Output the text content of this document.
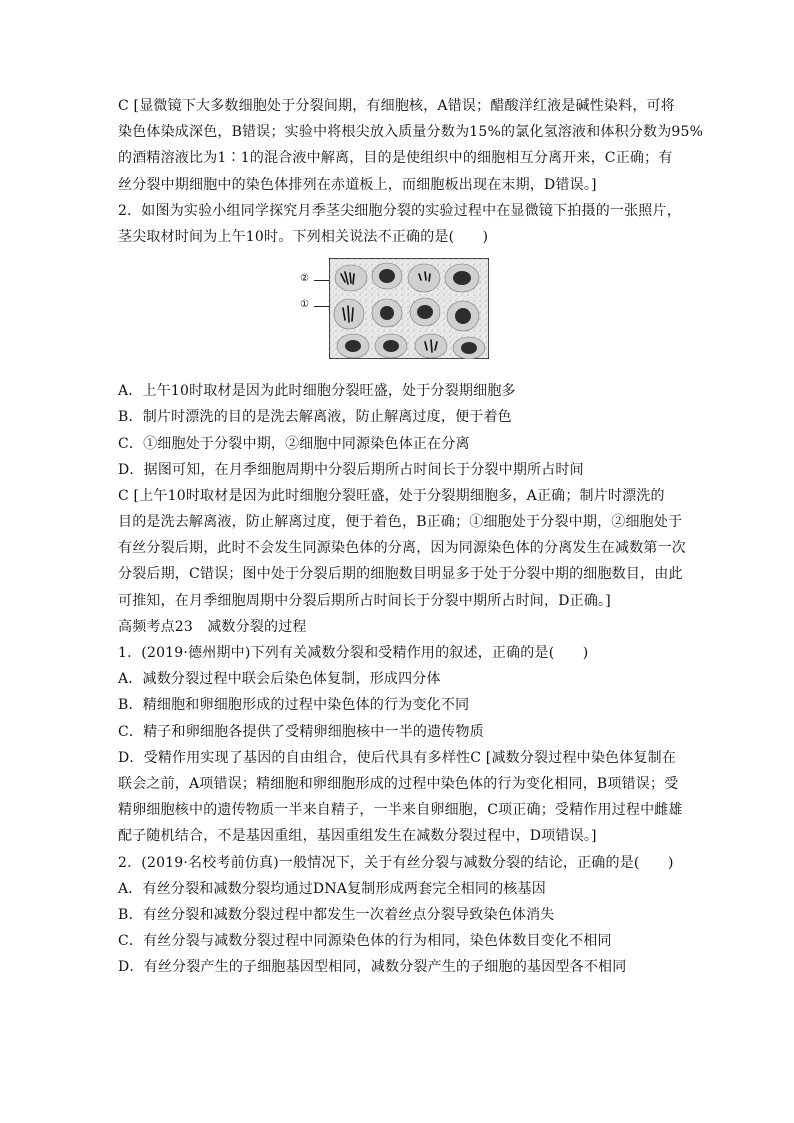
C [显微镜下大多数细胞处于分裂间期，有细胞核，A错误；醋酸洋红液是碱性染料，可将
染色体染成深色，B错误；实验中将根尖放入质量分数为15%的氯化氢溶液和体积分数为95%
的酒精溶液比为1∶1的混合液中解离，目的是使组织中的细胞相互分离开来，C正确；有
丝分裂中期细胞中的染色体排列在赤道板上，而细胞板出现在末期，D错误。]
2．如图为实验小组同学探究月季茎尖细胞分裂的实验过程中在显微镜下拍摄的一张照片，
茎尖取材时间为上午10时。下列相关说法不正确的是(　　)
②
①
A．上午10时取材是因为此时细胞分裂旺盛，处于分裂期细胞多
B．制片时漂洗的目的是洗去解离液，防止解离过度，便于着色
C．①细胞处于分裂中期，②细胞中同源染色体正在分离
D．据图可知，在月季细胞周期中分裂后期所占时间长于分裂中期所占时间
C [上午10时取材是因为此时细胞分裂旺盛，处于分裂期细胞多，A正确；制片时漂洗的
目的是洗去解离液，防止解离过度，便于着色，B正确；①细胞处于分裂中期，②细胞处于
有丝分裂后期，此时不会发生同源染色体的分离，因为同源染色体的分离发生在减数第一次
分裂后期，C错误；图中处于分裂后期的细胞数目明显多于处于分裂中期的细胞数目，由此
可推知，在月季细胞周期中分裂后期所占时间长于分裂中期所占时间，D正确。]
高频考点23　减数分裂的过程
1．(2019·德州期中)下列有关减数分裂和受精作用的叙述，正确的是(　　)
A．减数分裂过程中联会后染色体复制，形成四分体
B．精细胞和卵细胞形成的过程中染色体的行为变化不同
C．精子和卵细胞各提供了受精卵细胞核中一半的遗传物质
D．受精作用实现了基因的自由组合，使后代具有多样性C [减数分裂过程中染色体复制在
联会之前，A项错误；精细胞和卵细胞形成的过程中染色体的行为变化相同，B项错误；受
精卵细胞核中的遗传物质一半来自精子，一半来自卵细胞，C项正确；受精作用过程中雌雄
配子随机结合，不是基因重组，基因重组发生在减数分裂过程中，D项错误。]
2．(2019·名校考前仿真)一般情况下，关于有丝分裂与减数分裂的结论，正确的是(　　)
A．有丝分裂和减数分裂均通过DNA复制形成两套完全相同的核基因
B．有丝分裂和减数分裂过程中都发生一次着丝点分裂导致染色体消失
C．有丝分裂与减数分裂过程中同源染色体的行为相同，染色体数目变化不相同
D．有丝分裂产生的子细胞基因型相同，减数分裂产生的子细胞的基因型各不相同
